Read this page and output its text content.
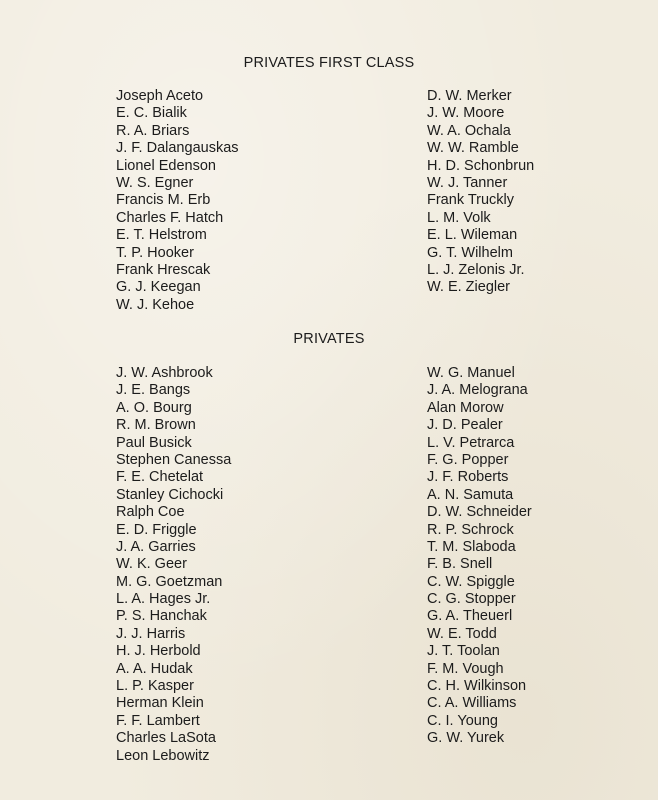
PRIVATES FIRST CLASS
Joseph Aceto
E. C. Bialik
R. A. Briars
J. F. Dalangauskas
Lionel Edenson
W. S. Egner
Francis M. Erb
Charles F. Hatch
E. T. Helstrom
T. P. Hooker
Frank Hrescak
G. J. Keegan
W. J. Kehoe
D. W. Merker
J. W. Moore
W. A. Ochala
W. W. Ramble
H. D. Schonbrun
W. J. Tanner
Frank Truckly
L. M. Volk
E. L. Wileman
G. T. Wilhelm
L. J. Zelonis Jr.
W. E. Ziegler
PRIVATES
J. W. Ashbrook
J. E. Bangs
A. O. Bourg
R. M. Brown
Paul Busick
Stephen Canessa
F. E. Chetelat
Stanley Cichocki
Ralph Coe
E. D. Friggle
J. A. Garries
W. K. Geer
M. G. Goetzman
L. A. Hages Jr.
P. S. Hanchak
J. J. Harris
H. J. Herbold
A. A. Hudak
L. P. Kasper
Herman Klein
F. F. Lambert
Charles LaSota
Leon Lebowitz
W. G. Manuel
J. A. Melograna
Alan Morow
J. D. Pealer
L. V. Petrarca
F. G. Popper
J. F. Roberts
A. N. Samuta
D. W. Schneider
R. P. Schrock
T. M. Slaboda
F. B. Snell
C. W. Spiggle
C. G. Stopper
G. A. Theuerl
W. E. Todd
J. T. Toolan
F. M. Vough
C. H. Wilkinson
C. A. Williams
C. I. Young
G. W. Yurek
